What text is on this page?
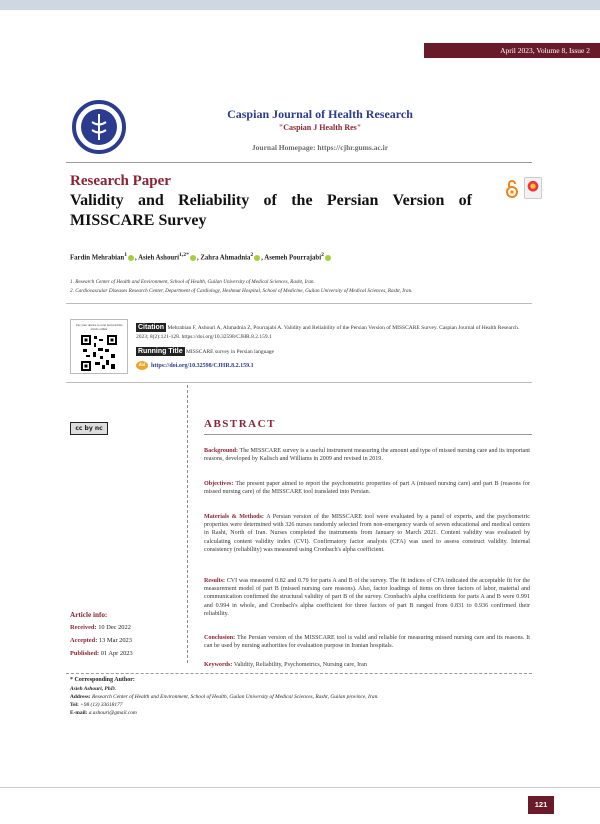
April 2023, Volume 8, Issue 2
Caspian Journal of Health Research
"Caspian J Health Res"
Journal Homepage: https://cjhr.gums.ac.ir
Research Paper
Validity and Reliability of the Persian Version of MISSCARE Survey
Fardin Mehrabian$^1$ , Asieh Ashouri$^{1,2*}$ , Zahra Ahmadnia$^2$ , Asemeh Pourrajabi$^2$
1. Research Center of Health and Environment, School of Health, Guilan University of Medical Sciences, Rasht, Iran.
2. Cardiovascular Diseases Research Center, Department of Cardiology, Heshmat Hospital, School of Medicine, Guilan University of Medical Sciences, Rasht, Iran.
Use your device to scan and read the article online	Citation Mehrabian F, Ashouri A, Ahmadnia Z, Pourrajabi A. Validity and Reliability of the Persian Version of MISSCARE Survey. Caspian Journal of Health Research. 2023; 8(2):121-128. https://doi.org/10.32598/CJHR.8.2.159.1
Running Title MISSCARE survey in Persian language
doi https://doi.org/10.32598/CJHR.8.2.159.1
cc by nc	ABSTRACT
Background: The MISSCARE survey is a useful instrument measuring the amount and type of missed nursing care and its important reasons, developed by Kalisch and Williams in 2009 and revised in 2019.
Objectives: The present paper aimed to report the psychometric properties of part A (missed nursing care) and part B (reasons for missed nursing care) of the MISSCARE tool translated into Persian.
Materials & Methods: A Persian version of the MISSCARE tool were evaluated by a panel of experts, and the psychometric properties were determined with 326 nurses randomly selected from non-emergency wards of seven educational and medical centers in Rasht, North of Iran. Nurses completed the instruments from January to March 2021. Content validity was evaluated by calculating content validity index (CVI). Confirmatory factor analysis (CFA) was used to assess construct validity. Internal consistency (reliability) was measured using Cronbach's alpha coefficient.
Results: CVI was measured 0.82 and 0.79 for parts A and B of the survey. The fit indices of CFA indicated the acceptable fit for the measurement model of part B (missed nursing care reasons). Also, factor loadings of items on three factors of labor, material and communication confirmed the structural validity of part B of the survey. Cronbach's alpha coefficients for parts A and B were 0.991 and 0.994 in whole, and Cronbach's alpha coefficient for three factors of part B ranged from 0.831 to 0.936 confirmed their reliability.
Conclusion: The Persian version of the MISSCARE tool is valid and reliable for measuring missed nursing care and its reasons. It can be used by nursing authorities for evaluation purpose in Iranian hospitals.
Keywords: Validity, Reliability, Psychometrics, Nursing care, Iran
Article info:
Received: 10 Dec 2022
Accepted: 13 Mar 2023
Published: 01 Apr 2023
* Corresponding Author:
Asieh Ashouri, PhD.
Address: Research Center of Health and Environment, School of Health, Guilan University of Medical Sciences, Rasht, Guilan province, Iran.
Tel: +98 (13) 33618177
E-mail: a.ashouri@gmail.com
121
